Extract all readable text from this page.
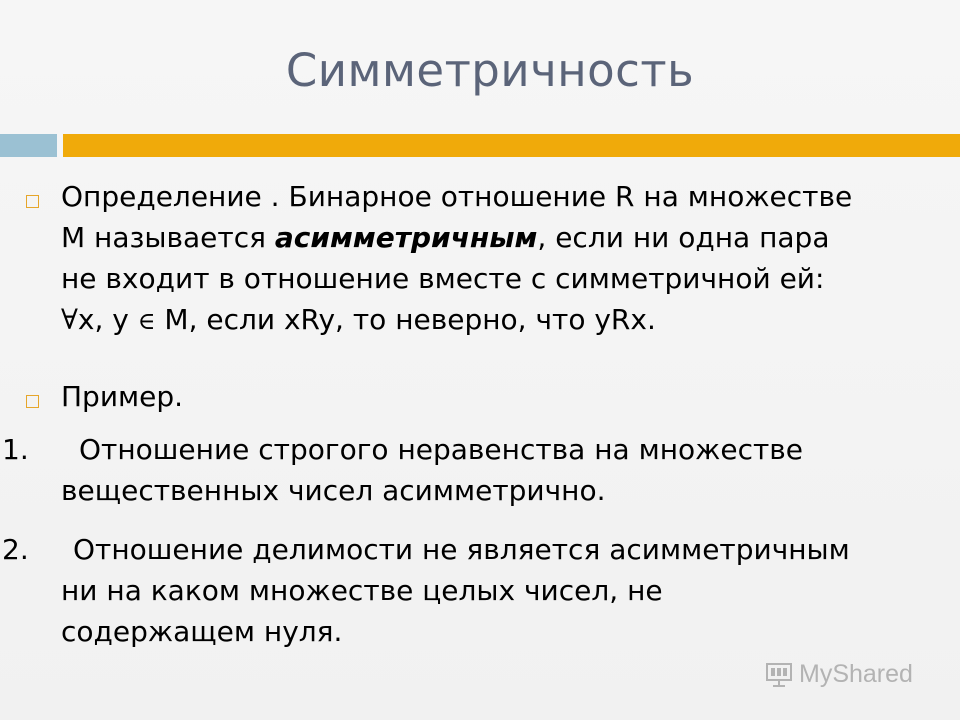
Симметричность
Определение . Бинарное отношение R на множестве
M называется асимметричным, если ни одна пара
не входит в отношение вместе с симметричной ей:
∀x, y ∈ M, если xRy, то неверно, что yRx.
Пример.
1. Отношение строгого неравенства на множестве
вещественных чисел асимметрично.
2. Отношение делимости не является асимметричным
ни на каком множестве целых чисел, не
содержащем нуля.
MyShared
